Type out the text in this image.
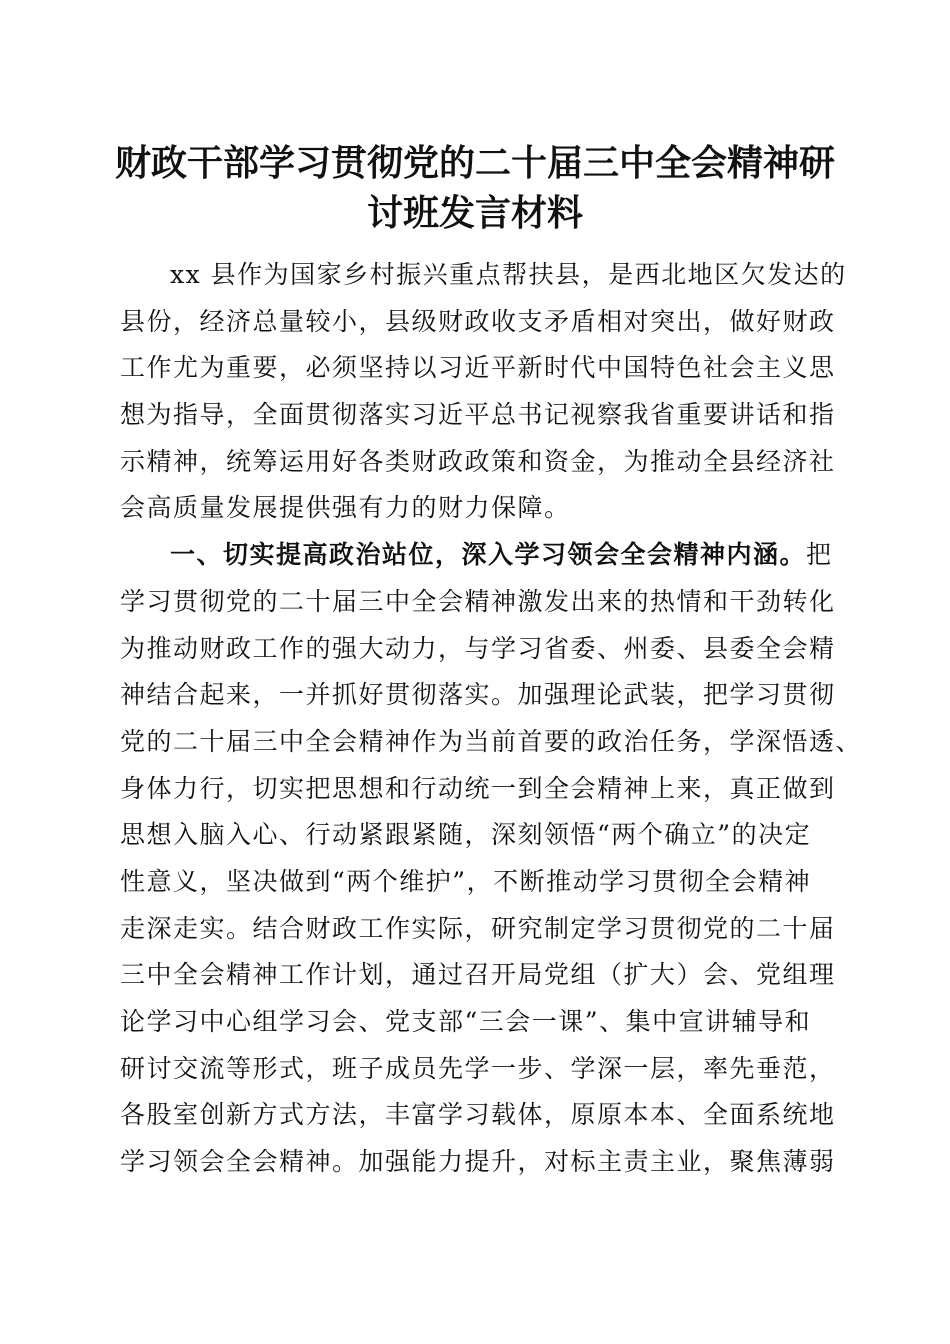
财政干部学习贯彻党的二十届三中全会精神研
讨班发言材料
xx 县作为国家乡村振兴重点帮扶县，是西北地区欠发达的
县份，经济总量较小，县级财政收支矛盾相对突出，做好财政
工作尤为重要，必须坚持以习近平新时代中国特色社会主义思
想为指导，全面贯彻落实习近平总书记视察我省重要讲话和指
示精神，统筹运用好各类财政政策和资金，为推动全县经济社
会高质量发展提供强有力的财力保障。
一、切实提高政治站位，深入学习领会全会精神内涵。把
学习贯彻党的二十届三中全会精神激发出来的热情和干劲转化
为推动财政工作的强大动力，与学习省委、州委、县委全会精
神结合起来，一并抓好贯彻落实。加强理论武装，把学习贯彻
党的二十届三中全会精神作为当前首要的政治任务，学深悟透、
身体力行，切实把思想和行动统一到全会精神上来，真正做到
思想入脑入心、行动紧跟紧随，深刻领悟“两个确立”的决定
性意义，坚决做到“两个维护”，不断推动学习贯彻全会精神
走深走实。结合财政工作实际，研究制定学习贯彻党的二十届
三中全会精神工作计划，通过召开局党组（扩大）会、党组理
论学习中心组学习会、党支部“三会一课”、集中宣讲辅导和
研讨交流等形式，班子成员先学一步、学深一层，率先垂范，
各股室创新方式方法，丰富学习载体，原原本本、全面系统地
学习领会全会精神。加强能力提升，对标主责主业，聚焦薄弱
